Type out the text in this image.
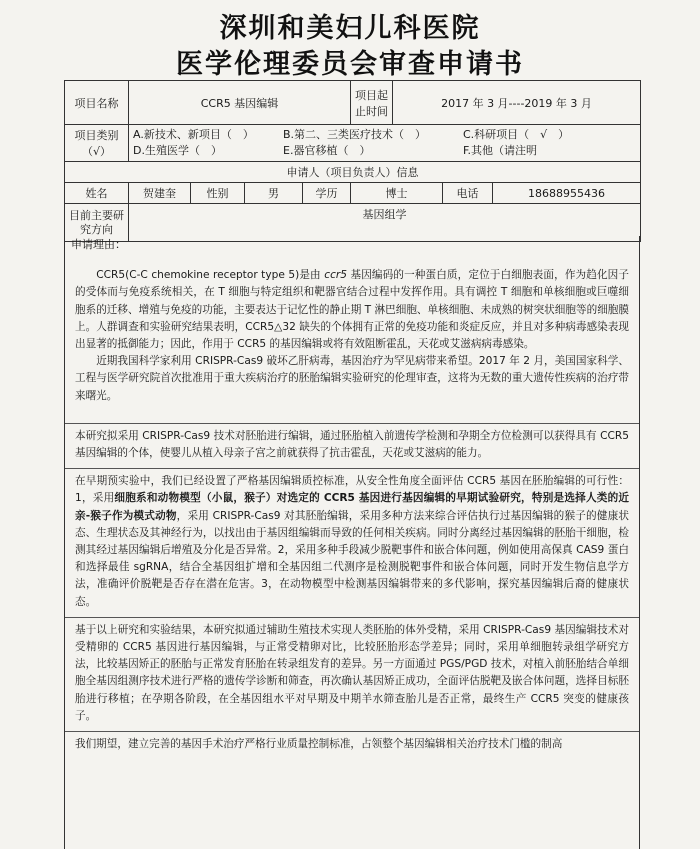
深圳和美妇儿科医院
医学伦理委员会审查申请书
项目名称	CCR5 基因编辑				项目起止时间	2017 年 3 月----2019 年 3 月		
项目类别（√）	A.新技术、新项目（　） B.第二、三类医疗技术（　） C.科研项目（　√　）
D.生殖医学（　） E.器官移植（　） F.其他（请注明							
申请人（项目负责人）信息								
姓名	贺建奎	性别	男	学历	博士		电话	18688955436
目前主要研究方向	基因组学							
申请理由：

CCR5(C-C chemokine receptor type 5)是由 ccr5 基因编码的一种蛋白质，定位于白细胞表面，作为趋化因子的受体而与免疫系统相关，在 T 细胞与特定组织和靶器官结合过程中发挥作用。具有调控 T 细胞和单核细胞或巨噬细胞系的迁移、增殖与免疫的功能，主要表达于记忆性的静止期 T 淋巴细胞、单核细胞、未成熟的树突状细胞等的细胞膜上。人群调查和实验研究结果表明，CCR5△32 缺失的个体拥有正常的免疫功能和炎症反应，并且对多种病毒感染表现出显著的抵御能力；因此，作用于 CCR5 的基因编辑或将有效阻断霍乱，天花或艾滋病病毒感染。

近期我国科学家利用 CRISPR-Cas9 破坏乙肝病毒，基因治疗为罕见病带来希望。2017 年 2 月，美国国家科学、工程与医学研究院首次批准用于重大疾病治疗的胚胎编辑实验研究的伦理审查，这将为无数的重大遗传性疾病的治疗带来曙光。

本研究拟采用 CRISPR-Cas9 技术对胚胎进行编辑，通过胚胎植入前遗传学检测和孕期全方位检测可以获得具有 CCR5 基因编辑的个体，使婴儿从植入母亲子宫之前就获得了抗击霍乱，天花或艾滋病的能力。

在早期预实验中，我们已经设置了严格基因编辑质控标准，从安全性角度全面评估 CCR5 基因在胚胎编辑的可行性：1，采用细胞系和动物模型（小鼠，猴子）对选定的 CCR5 基因进行基因编辑的早期试验研究，特别是选择人类的近亲-猴子作为模式动物，采用 CRISPR-Cas9 对其胚胎编辑，采用多种方法来综合评估执行过基因编辑的猴子的健康状态、生理状态及其神经行为，以找出由于基因组编辑而导致的任何相关疾病。同时分离经过基因编辑的胚胎干细胞，检测其经过基因编辑后增殖及分化是否异常。2，采用多种手段减少脱靶事件和嵌合体问题，例如使用高保真 CAS9 蛋白和选择最佳 sgRNA，结合全基因组扩增和全基因组二代测序是检测脱靶事件和嵌合体问题，同时开发生物信息学方法，准确评价脱靶是否存在潜在危害。3，在动物模型中检测基因编辑带来的多代影响，探究基因编辑后裔的健康状态。

基于以上研究和实验结果，本研究拟通过辅助生殖技术实现人类胚胎的体外受精，采用 CRISPR-Cas9 基因编辑技术对受精卵的 CCR5 基因进行基因编辑，与正常受精卵对比，比较胚胎形态学差异；同时，采用单细胞转录组学研究方法，比较基因矫正的胚胎与正常发育胚胎在转录组发育的差异。另一方面通过 PGS/PGD 技术，对植入前胚胎结合单细胞全基因组测序技术进行严格的遗传学诊断和筛查，再次确认基因矫正成功，全面评估脱靶及嵌合体问题，选择目标胚胎进行移植；在孕期各阶段，在全基因组水平对早期及中期羊水筛查胎儿是否正常，最终生产 CCR5 突变的健康孩子。

我们期望，建立完善的基因手术治疗严格行业质量控制标准，占领整个基因编辑相关治疗技术门槛的制高
